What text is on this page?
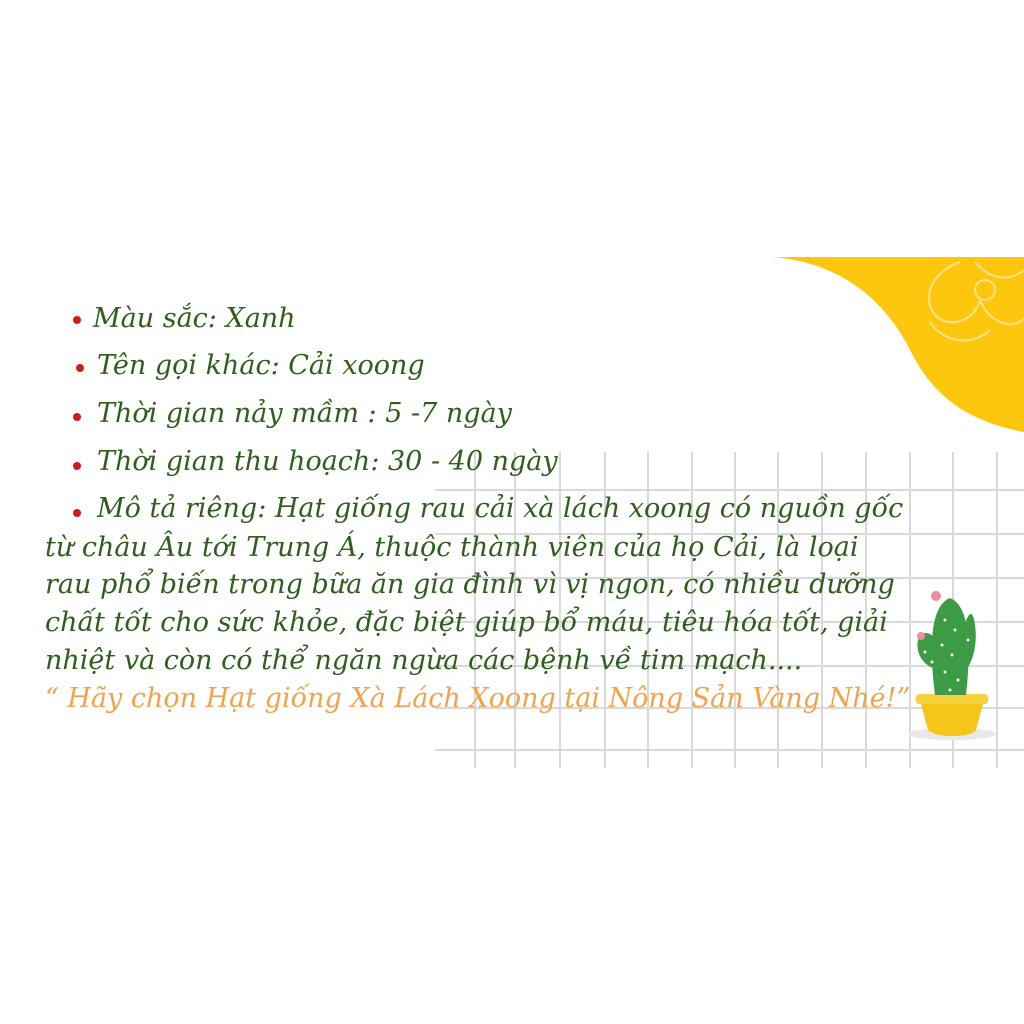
Màu sắc: Xanh
Tên gọi khác: Cải xoong
Thời gian nảy mầm : 5 -7 ngày
Thời gian thu hoạch: 30 - 40 ngày
Mô tả riêng: Hạt giống rau cải xà lách xoong có nguồn gốc
từ châu Âu tới Trung Á, thuộc thành viên của họ Cải, là loại
rau phổ biến trong bữa ăn gia đình vì vị ngon, có nhiều dưỡng
chất tốt cho sức khỏe, đặc biệt giúp bổ máu, tiêu hóa tốt, giải
nhiệt và còn có thể ngăn ngừa các bệnh về tim mạch....
“ Hãy chọn Hạt giống Xà Lách Xoong tại Nông Sản Vàng Nhé!”
